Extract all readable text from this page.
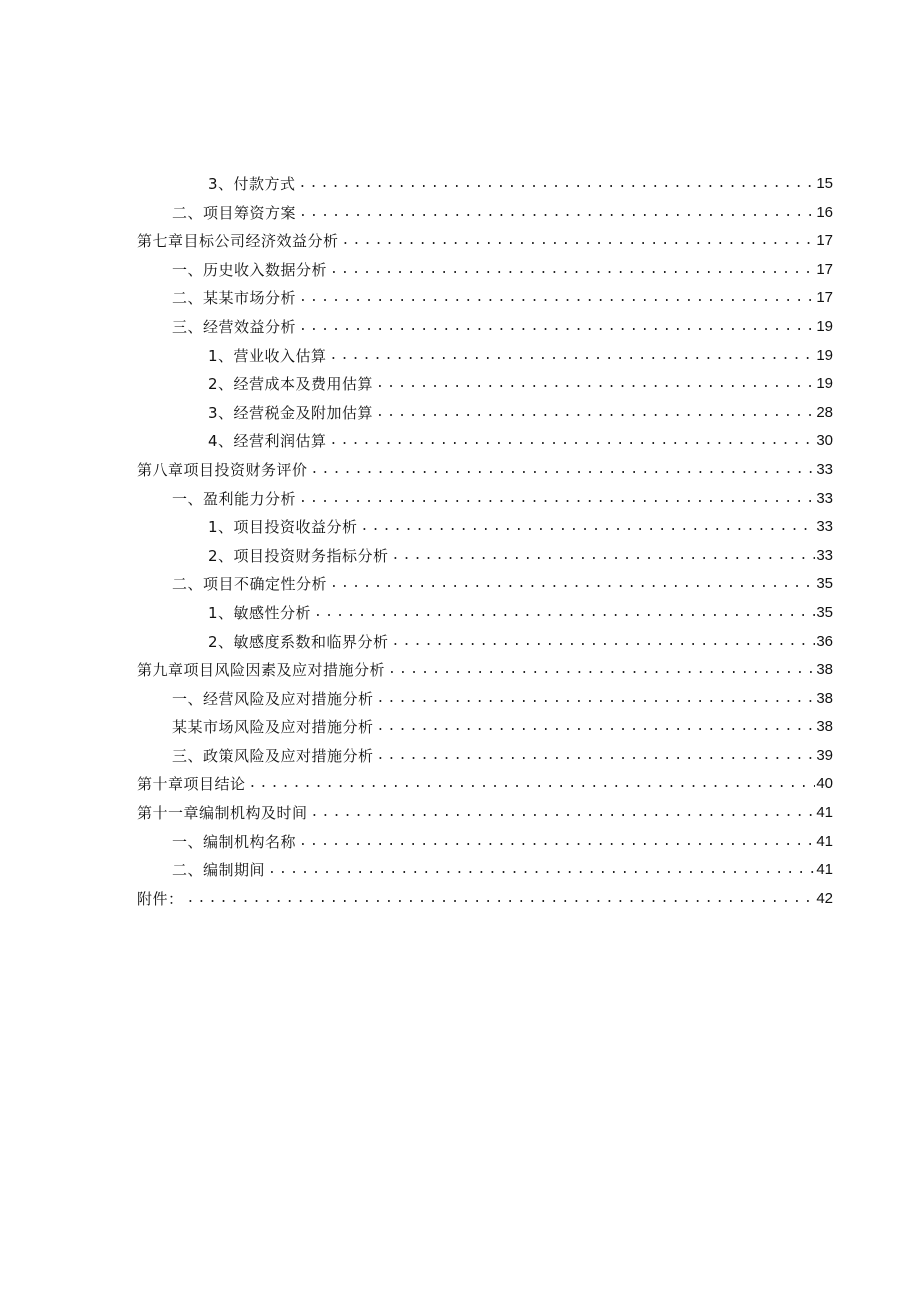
3、付款方式 .....	15
二、项目筹资方案 .....	16
第七章目标公司经济效益分析 .....	17
一、历史收入数据分析 .....	17
二、某某市场分析 .....	17
三、经营效益分析 .....	19
1、营业收入估算 .....	19
2、经营成本及费用估算 .....	19
3、经营税金及附加估算 .....	28
4、经营利润估算 .....	30
第八章项目投资财务评价 .....	33
一、盈利能力分析 .....	33
1、项目投资收益分析 .....	33
2、项目投资财务指标分析 .....	33
二、项目不确定性分析 .....	35
1、敏感性分析 .....	35
2、敏感度系数和临界分析 .....	36
第九章项目风险因素及应对措施分析 .....	38
一、经营风险及应对措施分析 .....	38
某某市场风险及应对措施分析 .....	38
三、政策风险及应对措施分析 .....	39
第十章项目结论 .....	40
第十一章编制机构及时间 .....	41
一、编制机构名称 .....	41
二、编制期间 .....	41
附件： .....	42
